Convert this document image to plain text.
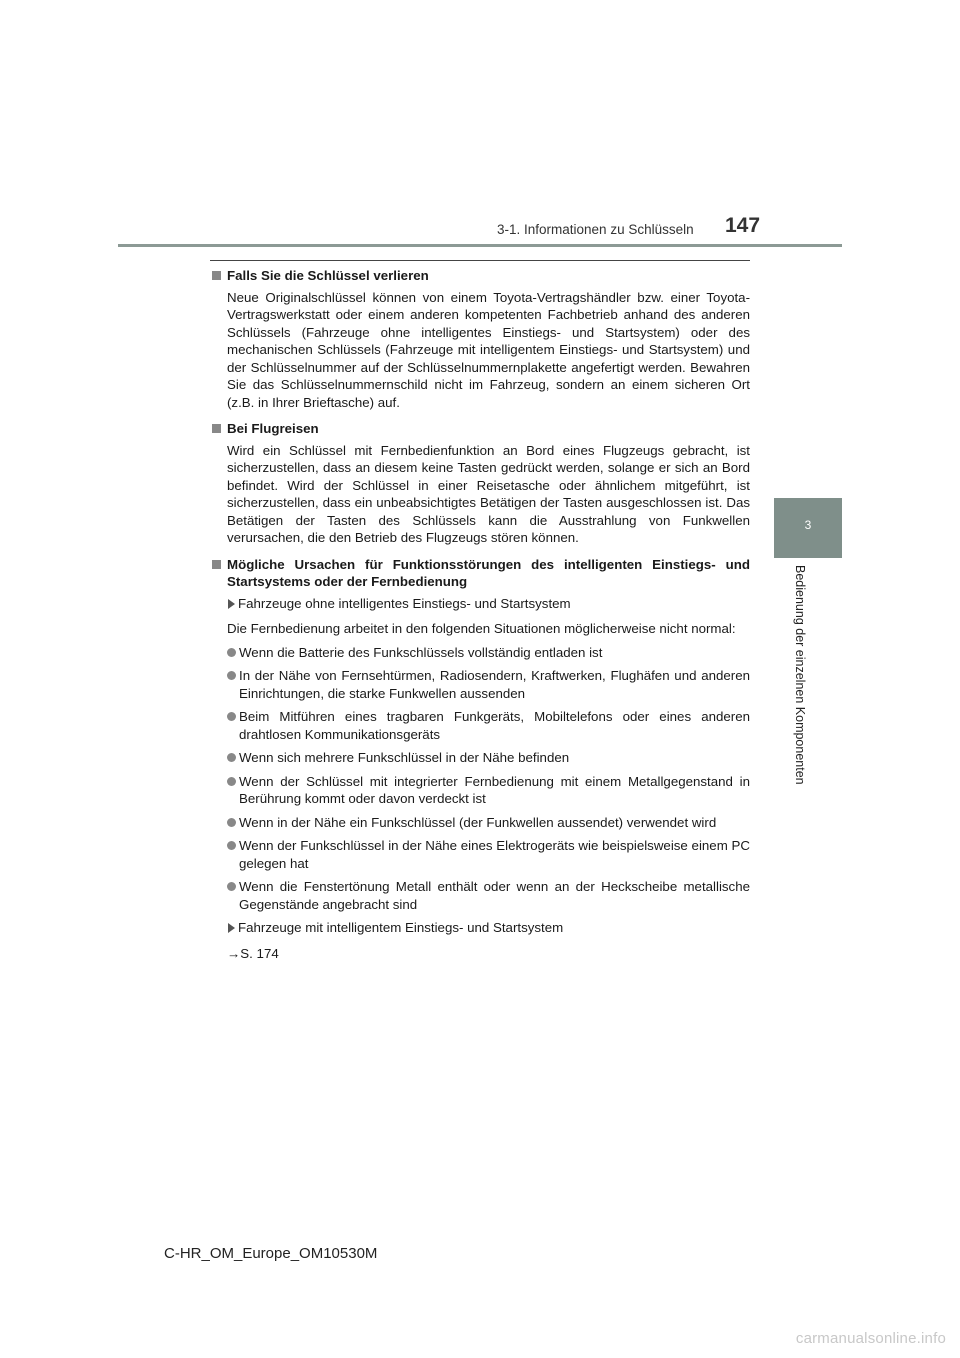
3-1. Informationen zu Schlüsseln 147
3
Bedienung der einzelnen Komponenten

Falls Sie die Schlüssel verlieren

Neue Originalschlüssel können von einem Toyota-Vertragshändler bzw. einer Toyota-Vertragswerkstatt oder einem anderen kompetenten Fachbetrieb anhand des anderen Schlüssels (Fahrzeuge ohne intelligentes Einstiegs- und Startsystem) oder des mechanischen Schlüssels (Fahrzeuge mit intelligentem Einstiegs- und Startsystem) und der Schlüsselnummer auf der Schlüsselnummernplakette angefertigt werden. Bewahren Sie das Schlüsselnummernschild nicht im Fahrzeug, sondern an einem sicheren Ort (z.B. in Ihrer Brieftasche) auf.

Bei Flugreisen

Wird ein Schlüssel mit Fernbedienfunktion an Bord eines Flugzeugs gebracht, ist sicherzustellen, dass an diesem keine Tasten gedrückt werden, solange er sich an Bord befindet. Wird der Schlüssel in einer Reisetasche oder ähnlichem mitgeführt, ist sicherzustellen, dass ein unbeabsichtigtes Betätigen der Tasten ausgeschlossen ist. Das Betätigen der Tasten des Schlüssels kann die Ausstrahlung von Funkwellen verursachen, die den Betrieb des Flugzeugs stören können.

Mögliche Ursachen für Funktionsstörungen des intelligenten Einstiegs- und Startsystems oder der Fernbedienung

Fahrzeuge ohne intelligentes Einstiegs- und Startsystem

Die Fernbedienung arbeitet in den folgenden Situationen möglicherweise nicht normal:

Wenn die Batterie des Funkschlüssels vollständig entladen ist
In der Nähe von Fernsehtürmen, Radiosendern, Kraftwerken, Flughäfen und anderen Einrichtungen, die starke Funkwellen aussenden
Beim Mitführen eines tragbaren Funkgeräts, Mobiltelefons oder eines anderen drahtlosen Kommunikationsgeräts
Wenn sich mehrere Funkschlüssel in der Nähe befinden
Wenn der Schlüssel mit integrierter Fernbedienung mit einem Metallgegenstand in Berührung kommt oder davon verdeckt ist
Wenn in der Nähe ein Funkschlüssel (der Funkwellen aussendet) verwendet wird
Wenn der Funkschlüssel in der Nähe eines Elektrogeräts wie beispielsweise einem PC gelegen hat
Wenn die Fenstertönung Metall enthält oder wenn an der Heckscheibe metallische Gegenstände angebracht sind

Fahrzeuge mit intelligentem Einstiegs- und Startsystem

→S. 174

C-HR_OM_Europe_OM10530M
carmanualsonline.info
